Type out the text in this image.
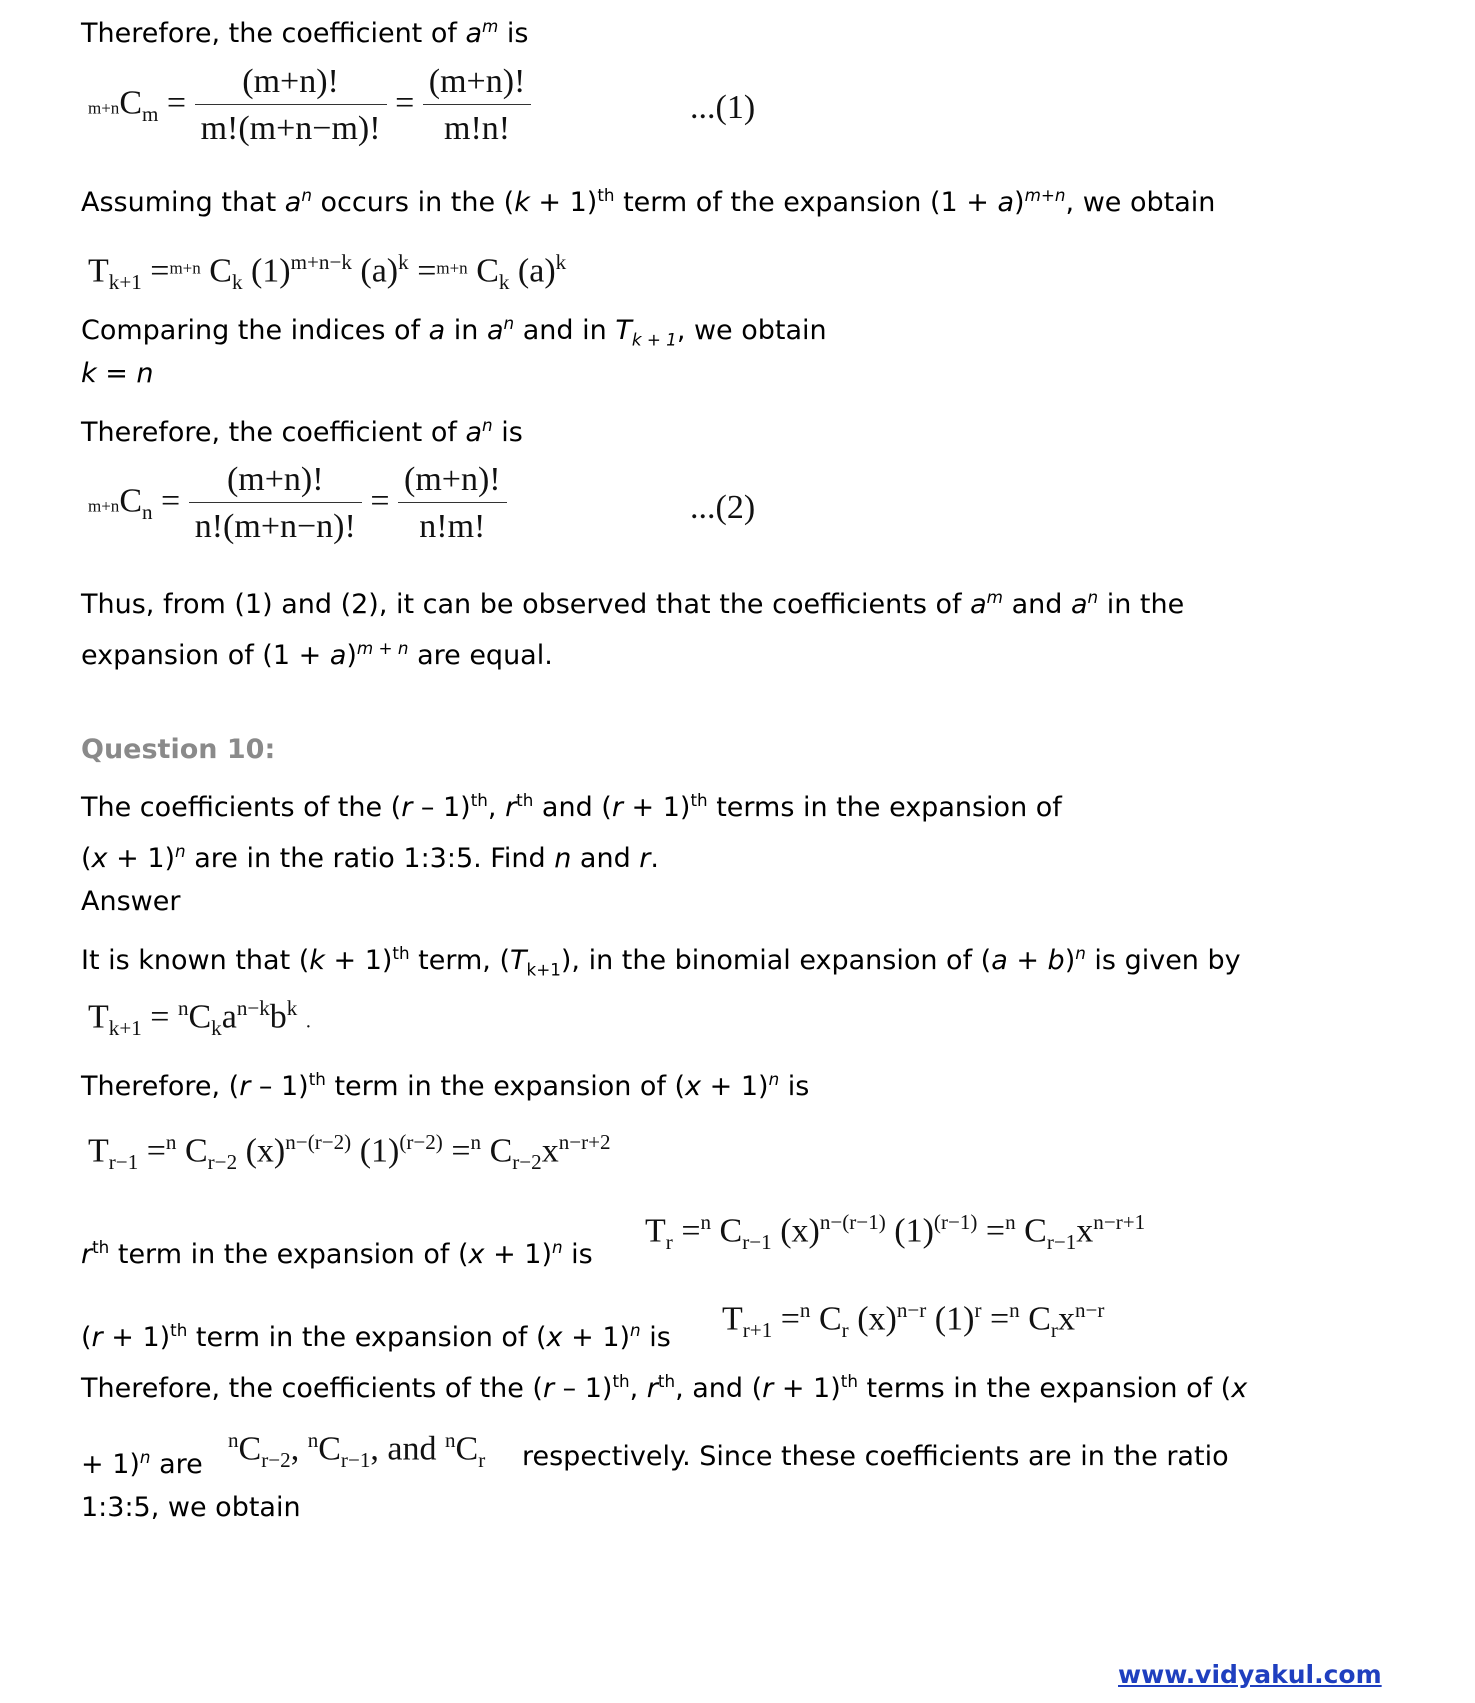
Therefore, the coefficient of $a^m$ is
$m+nC_m = \frac{(m+n)!}{m!(m+n-m)!} = \frac{(m+n)!}{m!n!}$	...(1)
Assuming that $a^n$ occurs in the $(k + 1)^{th}$ term of the expansion $(1 + a)^{m+n}$, we obtain
$T_{k+1} =^{m+n}$ $C_k$ $(1)^{m+n-k}$ $(a)^k =^{m+n}$ $C_k$ $(a)^k$
Comparing the indices of a in $a^n$ and in $T_{k + 1}$, we obtain
k = n
Therefore, the coefficient of $a^n$ is
$m+nC_n = \frac{(m+n)!}{n!(m+n-n)!} = \frac{(m+n)!}{n!m!}$	...(2)
Thus, from (1) and (2), it can be observed that the coefficients of $a^m$ and $a^n$ in the
expansion of $(1 + a)^{m + n}$ are equal.
Question 10:
The coefficients of the (r – 1)$^{th}$, $r^{th}$ and $(r + 1)^{th}$ terms in the expansion of
$(x + 1)^n$ are in the ratio 1:3:5. Find n and r.
Answer
It is known that $(k + 1)^{th}$ term, $(T_{k+1})$, in the binomial expansion of $(a + b)^n$ is given by
$T_{k+1} = ^nC_ka^{n-k}b^k$ .
Therefore, (r – 1)$^{th}$ term in the expansion of $(x + 1)^n$ is
$T_{r-1} =^n$ $C_{r-2}$ $(x)^{n-(r-2)}$ $(1)^{(r-2)} =^n$ $C_{r-2}x^{n-r+2}$
$r^{th}$ term in the expansion of $(x + 1)^n$ is
$T_r =^n$ $C_{r-1}$ $(x)^{n-(r-1)}$ $(1)^{(r-1)} =^n$ $C_{r-1}x^{n-r+1}$
$(r + 1)^{th}$ term in the expansion of $(x + 1)^n$ is
$T_{r+1} =^n$ $C_r$ $(x)^{n-r}$ $(1)^r =^n$ $C_rx^{n-r}$
Therefore, the coefficients of the (r – 1)$^{th}$, $r^{th}$, and $(r + 1)^{th}$ terms in the expansion of (x
+ 1)$^n$ are
$^nC_{r-2}$, $^nC_{r-1}$, and $^nC_r$ respectively. Since these coefficients are in the ratio
1:3:5, we obtain
www.vidyakul.com
